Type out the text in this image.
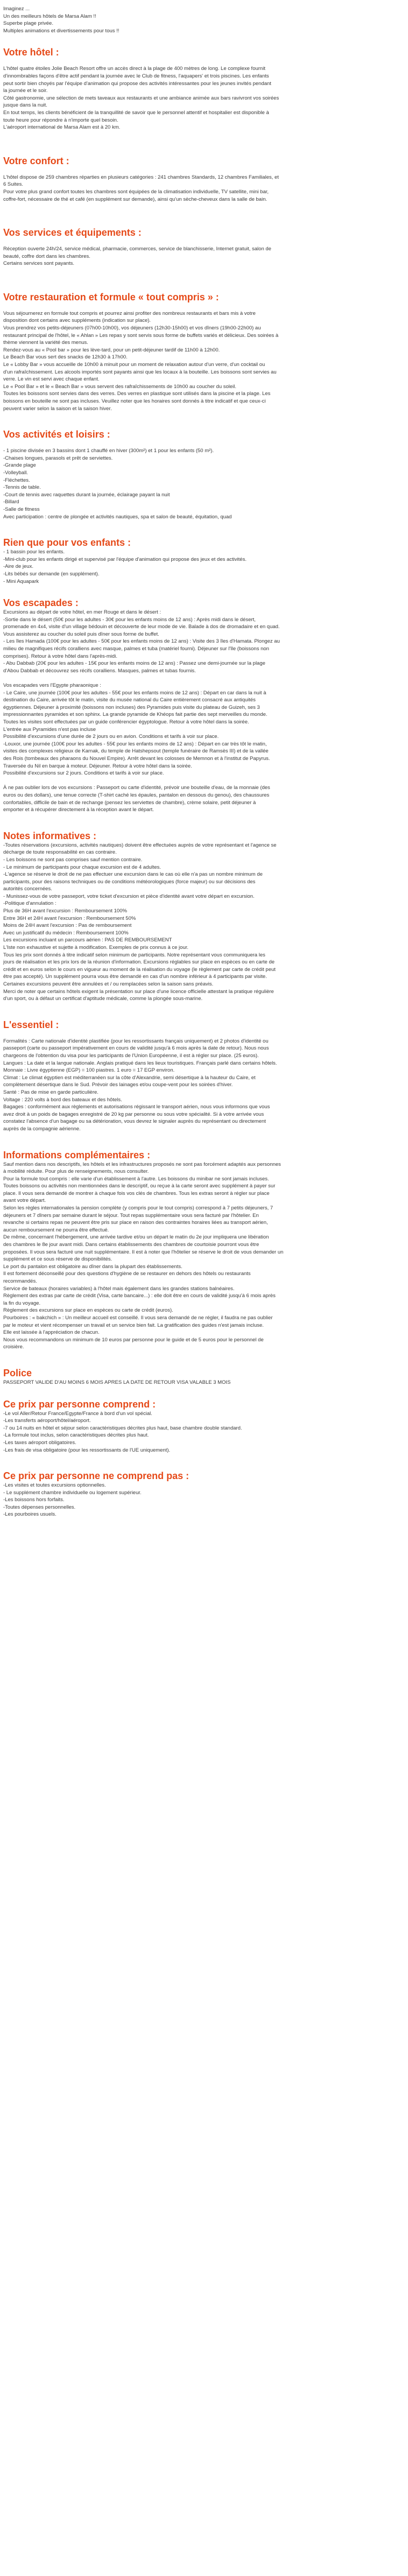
Imaginez ...

Un des meilleurs hôtels de Marsa Alam !!

Superbe plage privée.

Multiples animations et divertissements pour tous !!

Votre hôtel :

L'hôtel quatre étoiles Jolie Beach Resort offre un accès direct à la plage de 400 mètres de long. Le complexe fournit

d'innombrables façons d'être actif pendant la journée avec le Club de fitness, l'aquapers' et trois piscines. Les enfants

peut sortir bien choyés par l'équipe d'animation qui propose des activités intéressantes pour les jeunes invités pendant

la journée et le soir.

Côté gastronomie, une sélection de mets taveaux aux restaurants et une ambiance animée aux bars ravivront vos soirées

jusque dans la nuit.

En tout temps, les clients bénéficient de la tranquillité de savoir que le personnel attentif et hospitalier est disponible à

toute heure pour répondre à n'importe quel besoin.

L'aéroport international de Marsa Alam est à 20 km.

Votre confort :

L'hôtel dispose de 259 chambres réparties en plusieurs catégories : 241 chambres Standards, 12 chambres Familiales, et

6 Suites.

Pour votre plus grand confort toutes les chambres sont équipées de la climatisation individuelle, TV satellite, mini bar,

coffre-fort, nécessaire de thé et café (en supplément sur demande), ainsi qu'un sèche-cheveux dans la salle de bain.

Vos services et équipements :

Réception ouverte 24h/24, service médical, pharmacie, commerces, service de blanchisserie, Internet gratuit, salon de

beauté, coffre dort dans les chambres.

Certains services sont payants.

Votre restauration et formule « tout compris » :

Vous séjournerez en formule tout compris et pourrez ainsi profiter des nombreux restaurants et bars mis à votre

disposition dont certains avec suppléments (indication sur place).

Vous prendrez vos petits-déjeuners (07h00-10h00), vos déjeuners (12h30-15h00) et vos dîners (19h00-22h00) au

restaurant principal de l'hôtel, le « Ahlan » Les repas y sont servis sous forme de buffets variés et délicieux. Des soirées à

thème viennent la variété des menus.

Rendez-vous au « Pool bar » pour les lève-tard, pour un petit-déjeuner tardif de 11h00 à 12h00.

Le Beach Bar vous sert des snacks de 12h30 à 17h00.

Le « Lobby Bar » vous accueille de 10h00 à minuit pour un moment de relaxation autour d'un verre, d'un cocktail ou

d'un rafraîchissement. Les alcools importés sont payants ainsi que les locaux à la bouteille. Les boissons sont servies au

verre. Le vin est servi avec chaque enfant.

Le « Pool Bar » et le « Beach Bar » vous servent des rafraîchissements de 10h00 au coucher du soleil.

Toutes les boissons sont servies dans des verres. Des verres en plastique sont utilisés dans la piscine et la plage. Les

boissons en bouteille ne sont pas incluses. Veuillez noter que les horaires sont donnés à titre indicatif et que ceux-ci

peuvent varier selon la saison et la saison hiver.

Vos activités et loisirs :

- 1 piscine divisée en 3 bassins dont 1 chauffé en hiver (300m²) et 1 pour les enfants (50 m²).

-Chaises longues, parasols et prêt de serviettes.

-Grande plage

-Volleyball.

-Fléchettes.

-Tennis de table.

-Court de tennis avec raquettes durant la journée, éclairage payant la nuit

-Billard

-Salle de fitness

Avec participation : centre de plongée et activités nautiques, spa et salon de beauté, équitation, quad

Rien que pour vos enfants :

- 1 bassin pour les enfants.

-Mini-club pour les enfants dirigé et supervisé par l'équipe d'animation qui propose des jeux et des activités.

-Aire de jeux.

-Lits bébés sur demande (en supplément).

- Mini Aquapark

Vos escapades :

Excursions au départ de votre hôtel, en mer Rouge et dans le désert :

-Sortie dans le désert (50€ pour les adultes - 30€ pour les enfants moins de 12 ans) : Après midi dans le désert,

promenade en 4x4, visite d'un village bédouin et découverte de leur mode de vie. Balade à dos de dromadaire et en quad.

Vous assisterez au coucher du soleil puis dîner sous forme de buffet.

- Les îles Hamada (100€ pour les adultes - 50€ pour les enfants moins de 12 ans) : Visite des 3 îles d'Hamata. Plongez au

milieu de magnifiques récifs coralliens avec masque, palmes et tuba (matériel fourni). Déjeuner sur l'île (boissons non

comprises). Retour à votre hôtel dans l'après-midi.

- Abu Dabbab (20€ pour les adultes - 15€ pour les enfants moins de 12 ans) : Passez une demi-journée sur la plage

d'Abou Dabbab et découvrez ses récifs coralliens. Masques, palmes et tubas fournis.

Vos escapades vers l'Egypte pharaonique :

- Le Caire, une journée (100€ pour les adultes - 55€ pour les enfants moins de 12 ans) : Départ en car dans la nuit à

destination du Caire, arrivée tôt le matin, visite du musée national du Caire entièrement consacré aux antiquités

égyptiennes. Déjeuner à proximité (boissons non incluses) des Pyramides puis visite du plateau de Guizeh, ses 3

impressionnantes pyramides et son sphinx. La grande pyramide de Khéops fait partie des sept merveilles du monde.

Toutes les visites sont effectuées par un guide conférencier égyptologue. Retour à votre hôtel dans la soirée.

L'entrée aux Pyramides n'est pas incluse

Possibilité d'excursions d'une durée de 2 jours ou en avion. Conditions et tarifs à voir sur place.

-Louxor, une journée (100€ pour les adultes - 55€ pour les enfants moins de 12 ans) : Départ en car très tôt le matin,

visites des complexes religieux de Karnak, du temple de Hatshepsout (temple funéraire de Ramsès III) et de la vallée

des Rois (tombeaux des pharaons du Nouvel Empire). Arrêt devant les colosses de Memnon et à l'institut de Papyrus.

Traversée du Nil en barque à moteur. Déjeuner. Retour à votre hôtel dans la soirée.

Possibilité d'excursions sur 2 jours. Conditions et tarifs à voir sur place.

À ne pas oublier lors de vos excursions : Passeport ou carte d'identité, prévoir une bouteille d'eau, de la monnaie (des

euros ou des dollars), une tenue correcte (T-shirt caché les épaules, pantalon en dessous du genou), des chaussures

confortables, difficile de bain et de rechange (pensez les serviettes de chambre), crème solaire, petit déjeuner à

emporter et à récupérer directement à la réception avant le départ.

Notes informatives :

-Toutes réservations (excursions, activités nautiques) doivent être effectuées auprès de votre représentant et l'agence se

décharge de toute responsabilité en cas contraire.

- Les boissons ne sont pas comprises sauf mention contraire.

- Le minimum de participants pour chaque excursion est de 4 adultes.

-L'agence se réserve le droit de ne pas effectuer une excursion dans le cas où elle n'a pas un nombre minimum de

participants, pour des raisons techniques ou de conditions météorologiques (force majeur) ou sur décisions des

autorités concernées.

- Munissez-vous de votre passeport, votre ticket d'excursion et pièce d'identité avant votre départ en excursion.

-Politique d'annulation :

Plus de 36H avant l'excursion : Remboursement 100%

Entre 36H et 24H avant l'excursion : Remboursement 50%

Moins de 24H avant l'excursion : Pas de remboursement

Avec un justificatif du médecin : Remboursement 100%

Les excursions incluant un parcours aérien : PAS DE REMBOURSEMENT

L'Iste non exhaustive et sujette à modification. Exemples de prix connus à ce jour.

Tous les prix sont donnés à titre indicatif selon minimum de participants. Notre représentant vous communiquera les

jours de réalisation et les prix lors de la réunion d'information. Excursions réglables sur place en espèces ou en carte de

crédit et en euros selon le cours en vigueur au moment de la réalisation du voyage (le règlement par carte de crédit peut

être pas accepté). Un supplément pourra vous être demandé en cas d'un nombre inférieur à 4 participants par visite.

Certaines excursions peuvent être annulées et / ou remplacées selon la saison sans préavis.

Merci de noter que certains hôtels exigent la présentation sur place d'une licence officielle attestant la pratique régulière

d'un sport, ou à défaut un certificat d'aptitude médicale, comme la plongée sous-marine.

L'essentiel :

Formalités : Carte nationale d'identité plastifiée (pour les ressortissants français uniquement) et 2 photos d'identité ou

passeport (carte ou passeport impérativement en cours de validité jusqu'à 6 mois après la date de retour). Nous nous

chargeons de l'obtention du visa pour les participants de l'Union Européenne, il est à régler sur place. (25 euros).

Langues : La date et la langue nationale. Anglais pratiqué dans les lieux touristiques. Français parlé dans certains hôtels.

Monnaie : Livre égyptienne (EGP) = 100 piastres. 1 euro = 17 EGP environ.

Climat : Le climat égyptien est méditerranéen sur la côte d'Alexandrie, semi désertique à la hauteur du Caire, et

complètement désertique dans le Sud. Prévoir des lainages et/ou coupe-vent pour les soirées d'hiver.

Santé : Pas de mise en garde particulière.

Voltage : 220 volts à bord des bateaux et des hôtels.

Bagages : conformément aux règlements et autorisations régissant le transport aérien, nous vous informons que vous

avez droit à un poids de bagages enregistré de 20 kg par personne ou sous votre spécialité. Si à votre arrivée vous

constatez l'absence d'un bagage ou sa détérioration, vous devrez le signaler auprès du représentant ou directement

auprès de la compagnie aérienne.

Informations complémentaires :

Sauf mention dans nos descriptifs, les hôtels et les infrastructures proposés ne sont pas forcément adaptés aux personnes

à mobilité réduite. Pour plus de renseignements, nous consulter.

Pour la formule tout compris : elle varie d'un établissement à l'autre. Les boissons du minibar ne sont jamais incluses.

Toutes boissons ou activités non mentionnées dans le descriptif, ou reçue à la carte seront avec supplément à payer sur

place. Il vous sera demandé de montrer à chaque fois vos clés de chambres. Tous les extras seront à régler sur place

avant votre départ.

Selon les règles internationales la pension complète (y compris pour le tout compris) correspond à 7 petits déjeuners, 7

déjeuners et 7 dîners par semaine durant le séjour. Tout repas supplémentaire vous sera facturé par l'hôtelier. En

revanche si certains repas ne peuvent être pris sur place en raison des contraintes horaires liées au transport aérien,

aucun remboursement ne pourra être effectué.

De même, concernant l'hébergement, une arrivée tardive et/ou un départ le matin du 2e jour impliquera une libération

des chambres le 8e jour avant midi. Dans certains établissements des chambres de courtoisie pourront vous être

proposées. Il vous sera facturé une nuit supplémentaire. Il est à noter que l'hôtelier se réserve le droit de vous demander un

supplément et ce sous réserve de disponibilités.

Le port du pantalon est obligatoire au dîner dans la plupart des établissements.

Il est fortement déconseillé pour des questions d'hygiène de se restaurer en dehors des hôtels ou restaurants

recommandés.

Service de bateaux (horaires variables) à l'hôtel mais également dans les grandes stations balnéaires.

Règlement des extras par carte de crédit (Visa, carte bancaire...) : elle doit être en cours de validité jusqu'à 6 mois après

la fin du voyage.

Règlement des excursions sur place en espèces ou carte de crédit (euros).

Pourboires : « bakchich » : Un meilleur accueil est conseillé. Il vous sera demandé de ne régler, il faudra ne pas oublier

par le moteur et vient récompenser un travail et un service bien fait. La gratification des guides n'est jamais incluse.

Elle est laissée à l'appréciation de chacun.

Nous vous recommandons un minimum de 10 euros par personne pour le guide et de 5 euros pour le personnel de

croisière.

Police

PASSEPORT VALIDE D'AU MOINS 6 MOIS APRES LA DATE DE RETOUR VISA VALABLE 3 MOIS

Ce prix par personne comprend :

-Le vol Aller/Retour France/Egypte/France à bord d'un vol spécial.

-Les transferts aéroport/hôtel/aéroport.

-7 ou 14 nuits en hôtel et séjour selon caractéristiques décrites plus haut, base chambre double standard.

-La formule tout inclus, selon caractéristiques décrites plus haut.

-Les taxes aéroport obligatoires.

-Les frais de visa obligatoire (pour les ressortissants de l'UE uniquement).

Ce prix par personne ne comprend pas :

-Les visites et toutes excursions optionnelles.

- Le supplément chambre individuelle ou logement supérieur.

-Les boissons hors forfaits.

-Toutes dépenses personnelles.

-Les pourboires usuels.
